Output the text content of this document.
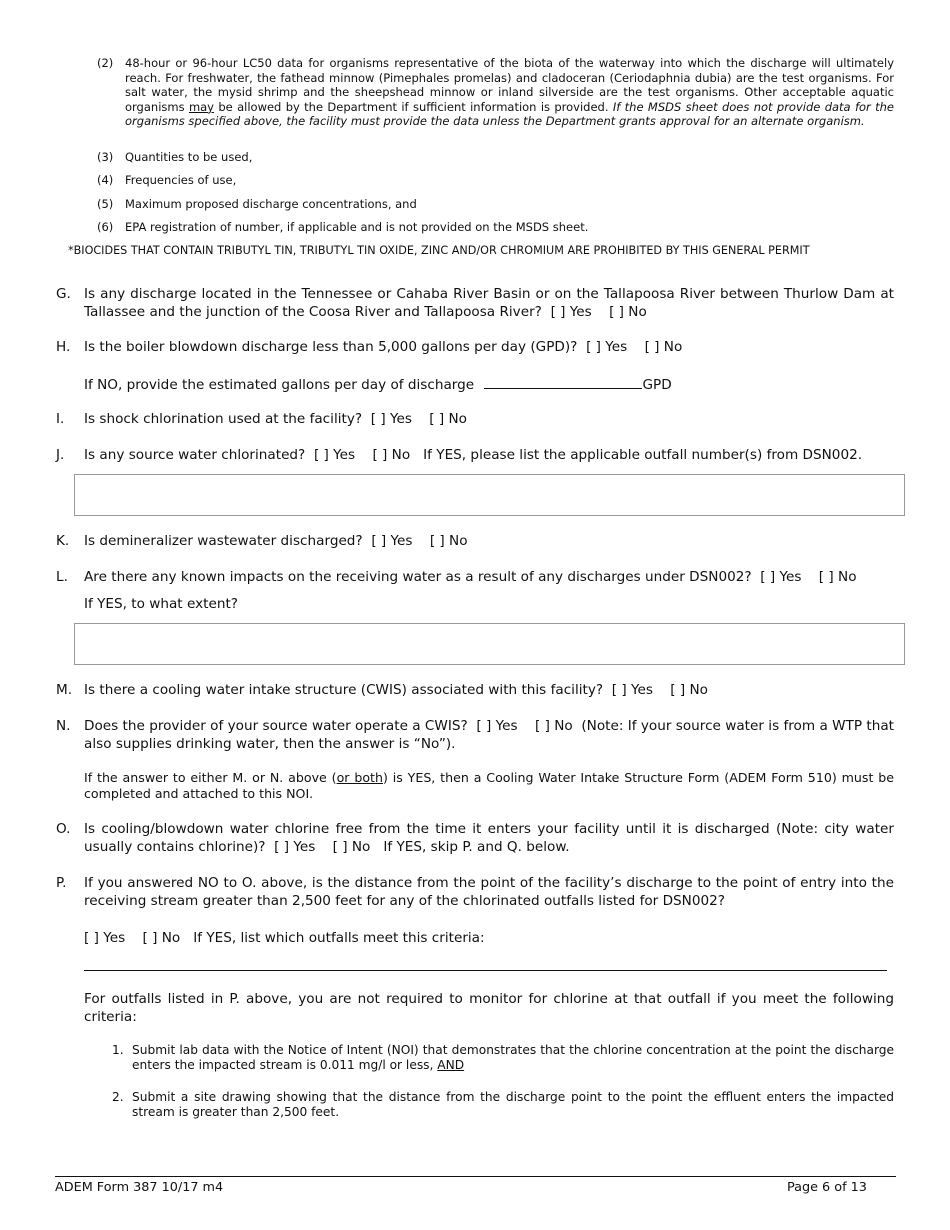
(2) 48-hour or 96-hour LC50 data for organisms representative of the biota of the waterway into which the discharge will ultimately reach. For freshwater, the fathead minnow (Pimephales promelas) and cladoceran (Ceriodaphnia dubia) are the test organisms. For salt water, the mysid shrimp and the sheepshead minnow or inland silverside are the test organisms. Other acceptable aquatic organisms may be allowed by the Department if sufficient information is provided. If the MSDS sheet does not provide data for the organisms specified above, the facility must provide the data unless the Department grants approval for an alternate organism.
(3) Quantities to be used,
(4) Frequencies of use,
(5) Maximum proposed discharge concentrations, and
(6) EPA registration of number, if applicable and is not provided on the MSDS sheet.
*BIOCIDES THAT CONTAIN TRIBUTYL TIN, TRIBUTYL TIN OXIDE, ZINC AND/OR CHROMIUM ARE PROHIBITED BY THIS GENERAL PERMIT
G. Is any discharge located in the Tennessee or Cahaba River Basin or on the Tallapoosa River between Thurlow Dam at Tallassee and the junction of the Coosa River and Tallapoosa River? [ ] Yes [ ] No
H. Is the boiler blowdown discharge less than 5,000 gallons per day (GPD)? [ ] Yes [ ] No
If NO, provide the estimated gallons per day of discharge	GPD
I. Is shock chlorination used at the facility? [ ] Yes [ ] No
J. Is any source water chlorinated? [ ] Yes [ ] No If YES, please list the applicable outfall number(s) from DSN002.
K. Is demineralizer wastewater discharged? [ ] Yes [ ] No
L. Are there any known impacts on the receiving water as a result of any discharges under DSN002? [ ] Yes [ ] No
If YES, to what extent?
M. Is there a cooling water intake structure (CWIS) associated with this facility? [ ] Yes [ ] No
N. Does the provider of your source water operate a CWIS? [ ] Yes [ ] No (Note: If your source water is from a WTP that also supplies drinking water, then the answer is “No”).
If the answer to either M. or N. above (or both) is YES, then a Cooling Water Intake Structure Form (ADEM Form 510) must be completed and attached to this NOI.
O. Is cooling/blowdown water chlorine free from the time it enters your facility until it is discharged (Note: city water usually contains chlorine)? [ ] Yes [ ] No If YES, skip P. and Q. below.
P. If you answered NO to O. above, is the distance from the point of the facility’s discharge to the point of entry into the receiving stream greater than 2,500 feet for any of the chlorinated outfalls listed for DSN002?
[ ] Yes [ ] No If YES, list which outfalls meet this criteria:
For outfalls listed in P. above, you are not required to monitor for chlorine at that outfall if you meet the following criteria:
1. Submit lab data with the Notice of Intent (NOI) that demonstrates that the chlorine concentration at the point the discharge enters the impacted stream is 0.011 mg/l or less, AND
2. Submit a site drawing showing that the distance from the discharge point to the point the effluent enters the impacted stream is greater than 2,500 feet.
ADEM Form 387 10/17 m4	Page 6 of 13
